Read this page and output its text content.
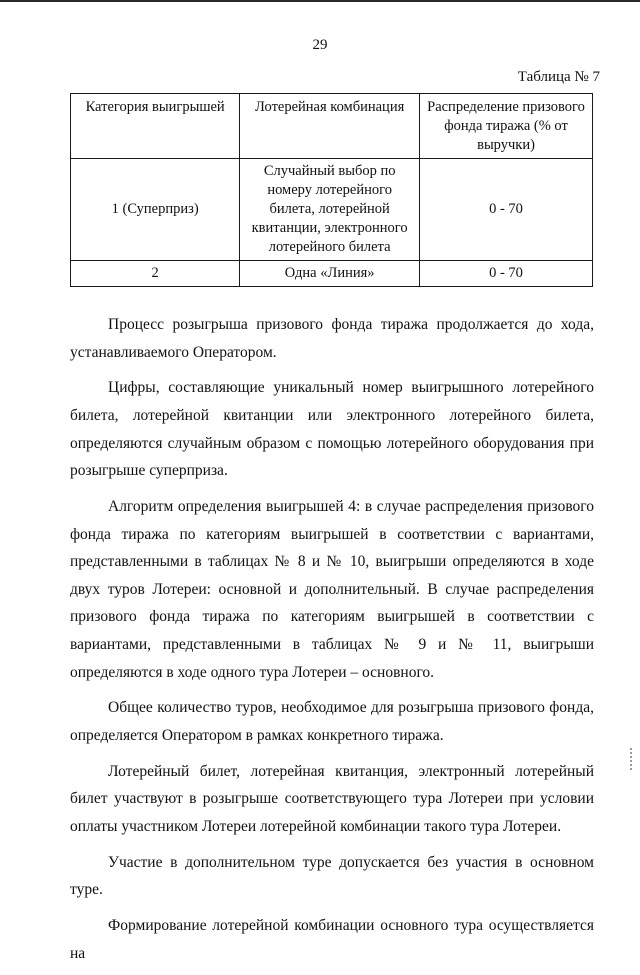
29
Таблица № 7
Категория выигрышей	Лотерейная комбинация	Распределение призового фонда тиража (% от выручки)
1 (Суперприз)	Случайный выбор по номеру лотерейного билета, лотерейной квитанции, электронного лотерейного билета	0 - 70
2	Одна «Линия»	0 - 70

Процесс розыгрыша призового фонда тиража продолжается до хода, устанавливаемого Оператором.

Цифры, составляющие уникальный номер выигрышного лотерейного билета, лотерейной квитанции или электронного лотерейного билета, определяются случайным образом с помощью лотерейного оборудования при розыгрыше суперприза.

Алгоритм определения выигрышей 4: в случае распределения призового фонда тиража по категориям выигрышей в соответствии с вариантами, представленными в таблицах № 8 и № 10, выигрыши определяются в ходе двух туров Лотереи: основной и дополнительный. В случае распределения призового фонда тиража по категориям выигрышей в соответствии с вариантами, представленными в таблицах № 9 и № 11, выигрыши определяются в ходе одного тура Лотереи – основного.

Общее количество туров, необходимое для розыгрыша призового фонда, определяется Оператором в рамках конкретного тиража.

Лотерейный билет, лотерейная квитанция, электронный лотерейный билет участвуют в розыгрыше соответствующего тура Лотереи при условии оплаты участником Лотереи лотерейной комбинации такого тура Лотереи.

Участие в дополнительном туре допускается без участия в основном туре.

Формирование лотерейной комбинации основного тура осуществляется на
